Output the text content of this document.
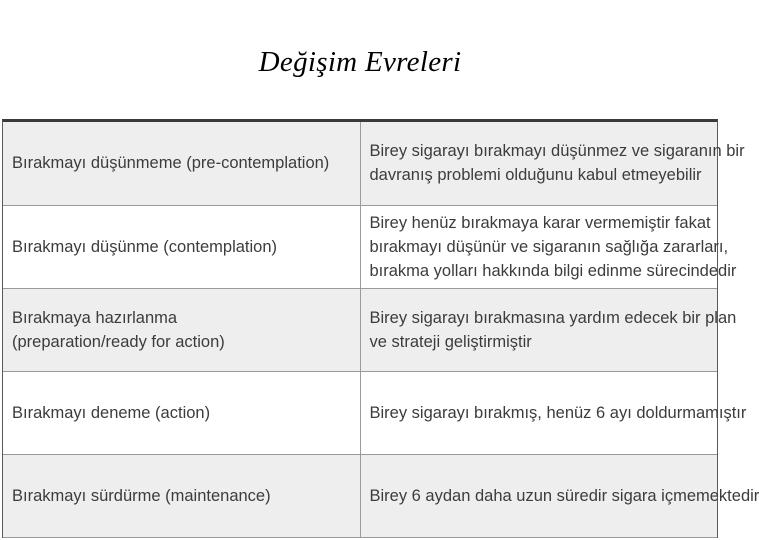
Değişim Evreleri
Bırakmayı düşünmeme (pre-contemplation)	Birey sigarayı bırakmayı düşünmez ve sigaranın bir
davranış problemi olduğunu kabul etmeyebilir

Bırakmayı düşünme (contemplation)	Birey henüz bırakmaya karar vermemiştir fakat
bırakmayı düşünür ve sigaranın sağlığa zararları,
bırakma yolları hakkında bilgi edinme sürecindedir

Bırakmaya hazırlanma
(preparation/ready for action)	Birey sigarayı bırakmasına yardım edecek bir plan
ve strateji geliştirmiştir

Bırakmayı deneme (action)	Birey sigarayı bırakmış, henüz 6 ayı doldurmamıştır

Bırakmayı sürdürme (maintenance)	Birey 6 aydan daha uzun süredir sigara içmemektedir
